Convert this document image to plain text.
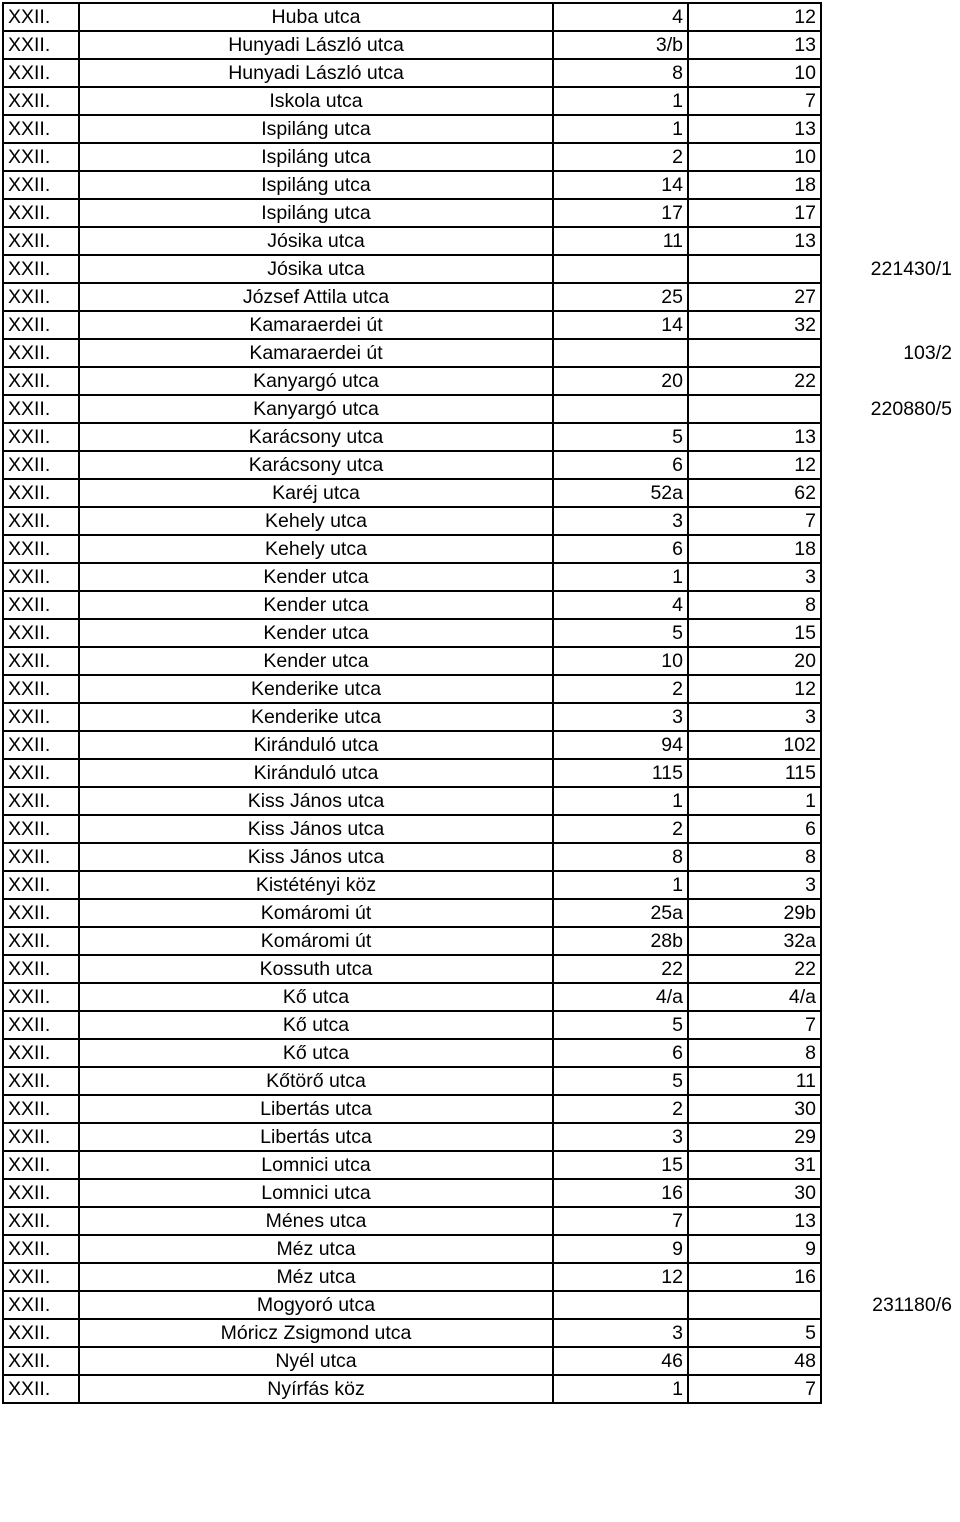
XXII.	Huba utca	4	12		
XXII.	Hunyadi László utca	3/b	13		
XXII.	Hunyadi László utca	8	10		
XXII.	Iskola utca	1	7		
XXII.	Ispiláng utca	1	13		
XXII.	Ispiláng utca	2	10		
XXII.	Ispiláng utca	14	18		
XXII.	Ispiláng utca	17	17		
XXII.	Jósika utca	11	13		
XXII.	Jósika utca			221430/1	
XXII.	József Attila utca	25	27		
XXII.	Kamaraerdei út	14	32		
XXII.	Kamaraerdei út			103/2	
XXII.	Kanyargó utca	20	22		
XXII.	Kanyargó utca			220880/5	
XXII.	Karácsony utca	5	13		
XXII.	Karácsony utca	6	12		
XXII.	Karéj utca	52a	62		
XXII.	Kehely utca	3	7		
XXII.	Kehely utca	6	18		
XXII.	Kender utca	1	3		
XXII.	Kender utca	4	8		
XXII.	Kender utca	5	15		
XXII.	Kender utca	10	20		
XXII.	Kenderike utca	2	12		
XXII.	Kenderike utca	3	3		
XXII.	Kiránduló utca	94	102		
XXII.	Kiránduló utca	115	115		
XXII.	Kiss János utca	1	1		
XXII.	Kiss János utca	2	6		
XXII.	Kiss János utca	8	8		
XXII.	Kistétényi köz	1	3		
XXII.	Komáromi út	25a	29b		
XXII.	Komáromi út	28b	32a		
XXII.	Kossuth utca	22	22		
XXII.	Kő utca	4/a	4/a		
XXII.	Kő utca	5	7		
XXII.	Kő utca	6	8		
XXII.	Kőtörő utca	5	11		
XXII.	Libertás utca	2	30		
XXII.	Libertás utca	3	29		
XXII.	Lomnici utca	15	31		
XXII.	Lomnici utca	16	30		
XXII.	Ménes utca	7	13		
XXII.	Méz utca	9	9		
XXII.	Méz utca	12	16		
XXII.	Mogyoró utca			231180/6	
XXII.	Móricz Zsigmond utca	3	5		
XXII.	Nyél utca	46	48		
XXII.	Nyírfás köz	1	7		
